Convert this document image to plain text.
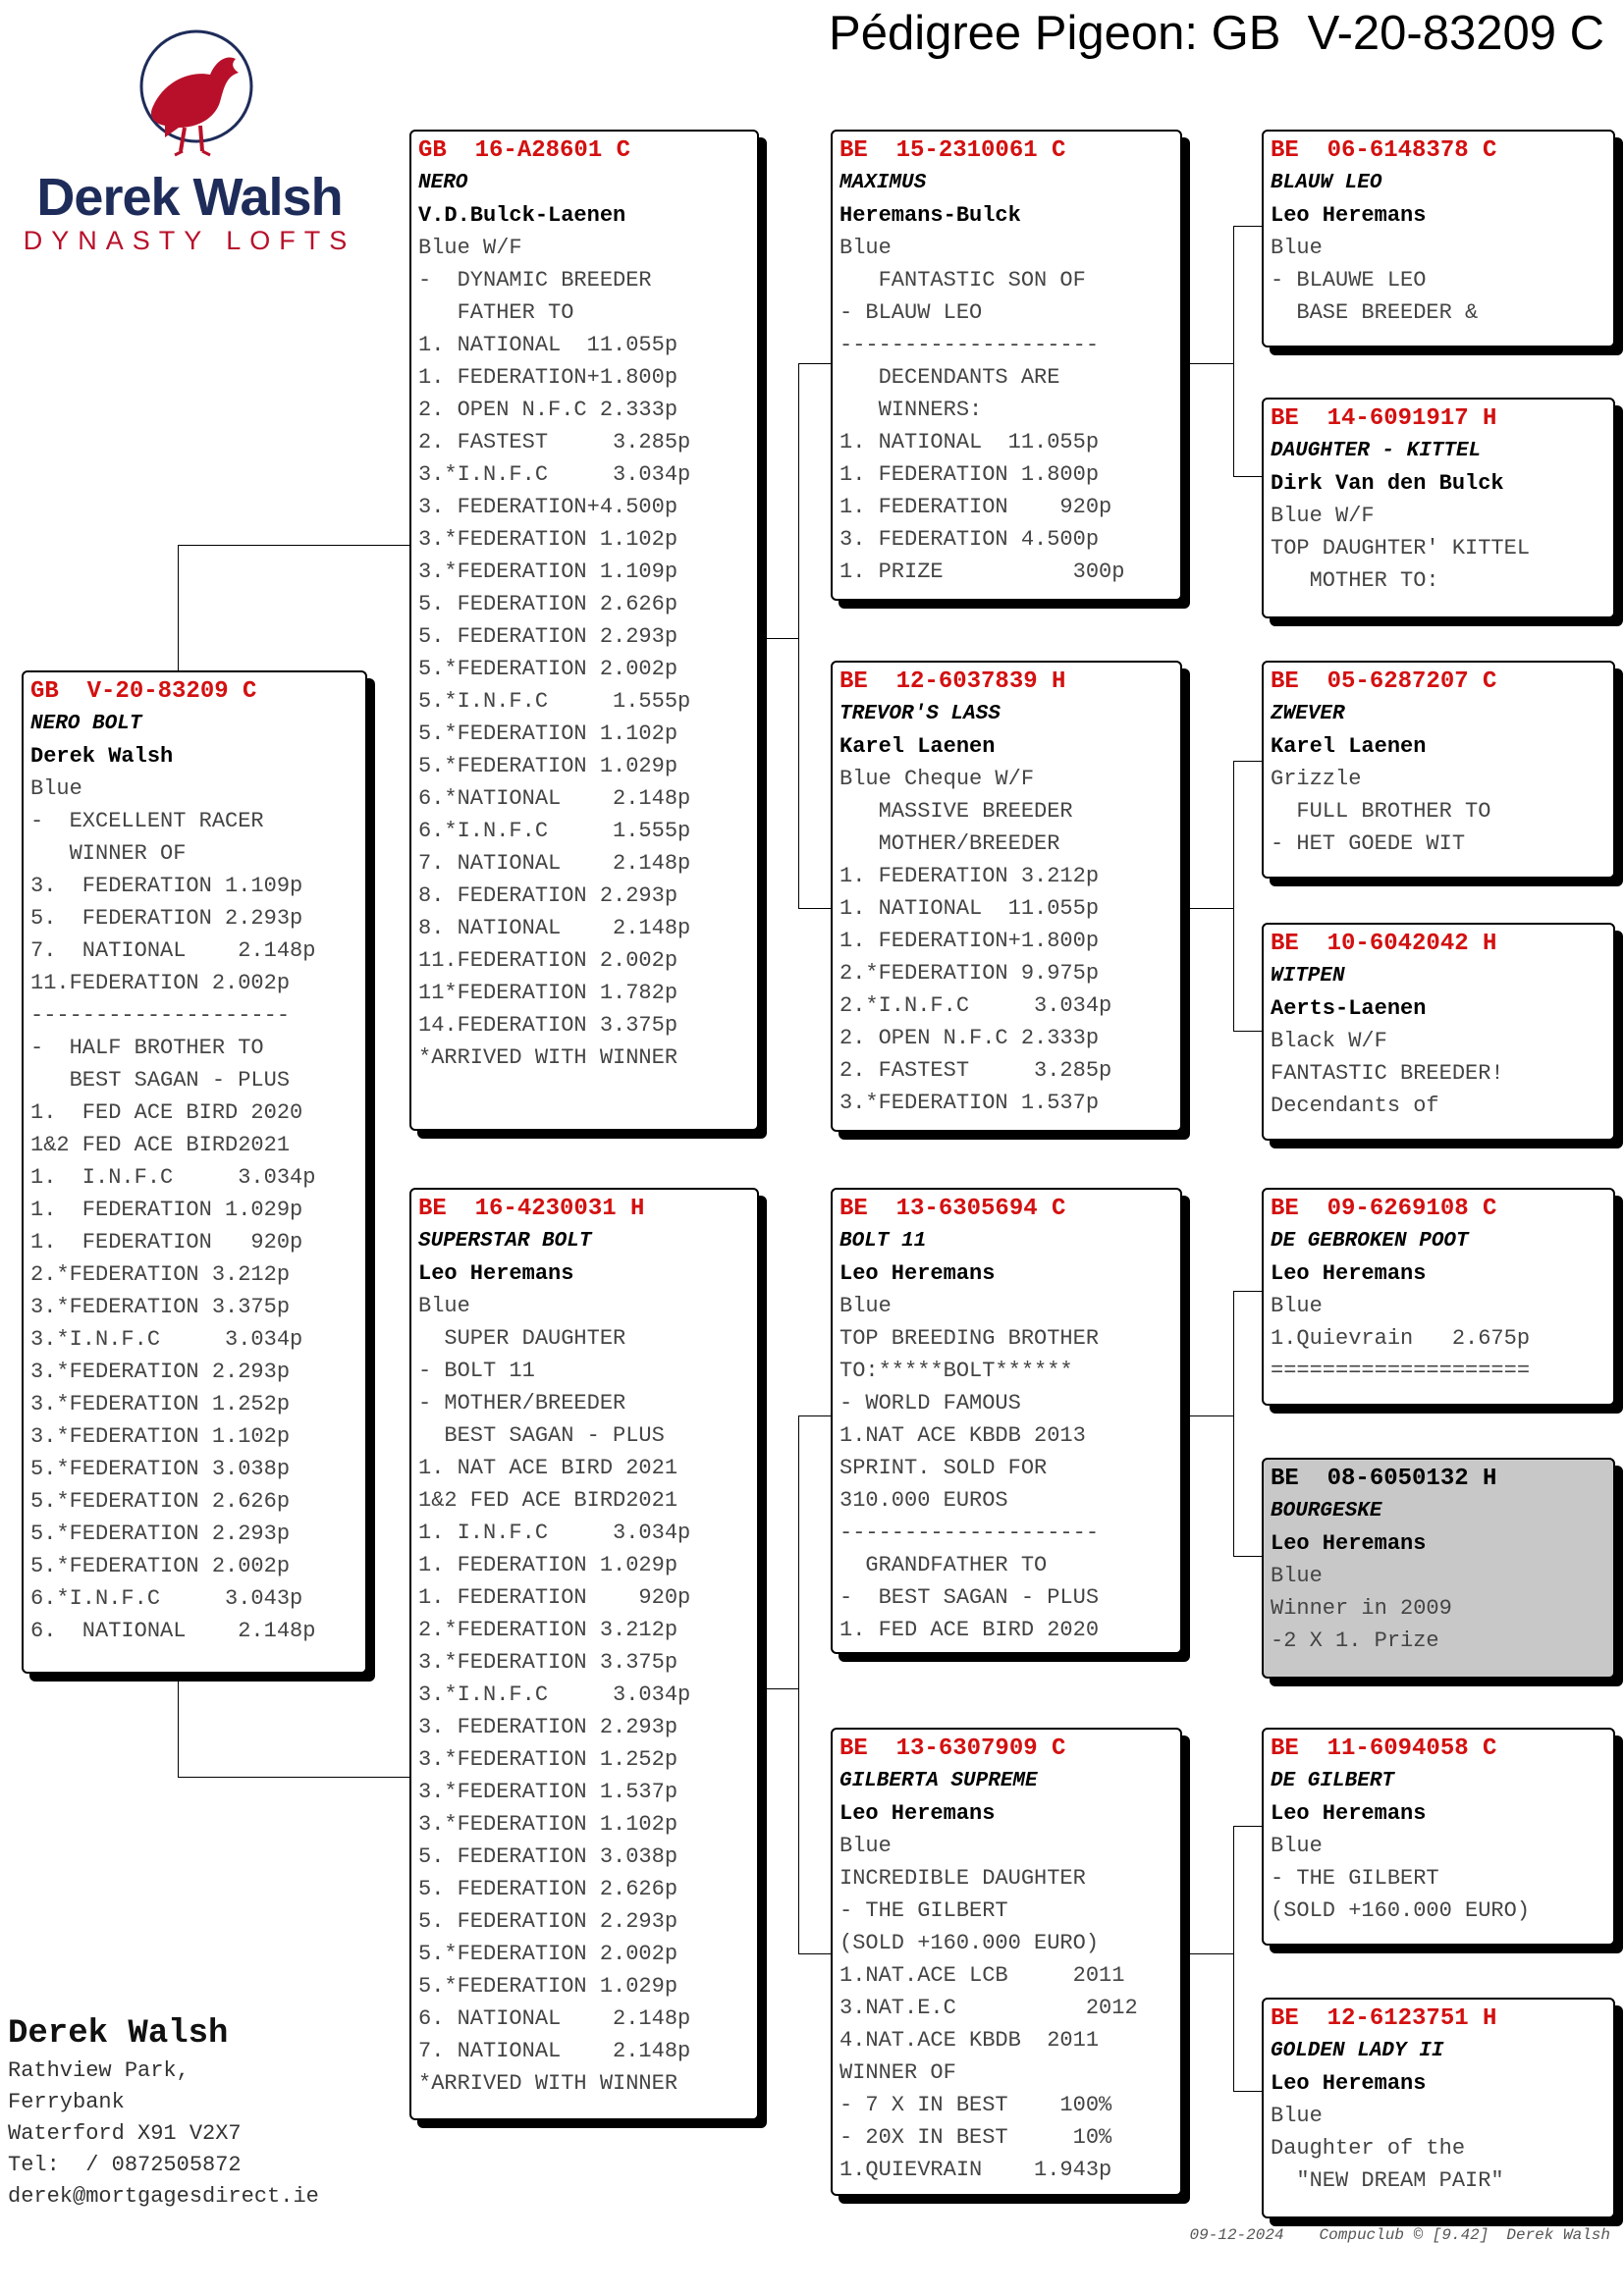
Pédigree Pigeon: GB  V-20-83209 C
Derek Walsh
DYNASTY LOFTS
GB  V-20-83209 C
NERO BOLT
Derek Walsh
Blue
-  EXCELLENT RACER
WINNER OF
3.  FEDERATION 1.109p
5.  FEDERATION 2.293p
7.  NATIONAL    2.148p
11.FEDERATION 2.002p
--------------------
-  HALF BROTHER TO
BEST SAGAN - PLUS
1.  FED ACE BIRD 2020
1&2 FED ACE BIRD2021
1.  I.N.F.C     3.034p
1.  FEDERATION 1.029p
1.  FEDERATION   920p
2.*FEDERATION 3.212p
3.*FEDERATION 3.375p
3.*I.N.F.C     3.034p
3.*FEDERATION 2.293p
3.*FEDERATION 1.252p
3.*FEDERATION 1.102p
5.*FEDERATION 3.038p
5.*FEDERATION 2.626p
5.*FEDERATION 2.293p
5.*FEDERATION 2.002p
6.*I.N.F.C     3.043p
6.  NATIONAL    2.148p
GB  16-A28601 C
NERO
V.D.Bulck-Laenen
Blue W/F
-  DYNAMIC BREEDER
FATHER TO
1. NATIONAL  11.055p
1. FEDERATION+1.800p
2. OPEN N.F.C 2.333p
2. FASTEST     3.285p
3.*I.N.F.C     3.034p
3. FEDERATION+4.500p
3.*FEDERATION 1.102p
3.*FEDERATION 1.109p
5. FEDERATION 2.626p
5. FEDERATION 2.293p
5.*FEDERATION 2.002p
5.*I.N.F.C     1.555p
5.*FEDERATION 1.102p
5.*FEDERATION 1.029p
6.*NATIONAL    2.148p
6.*I.N.F.C     1.555p
7. NATIONAL    2.148p
8. FEDERATION 2.293p
8. NATIONAL    2.148p
11.FEDERATION 2.002p
11*FEDERATION 1.782p
14.FEDERATION 3.375p
*ARRIVED WITH WINNER
BE  16-4230031 H
SUPERSTAR BOLT
Leo Heremans
Blue
SUPER DAUGHTER
- BOLT 11
- MOTHER/BREEDER
BEST SAGAN - PLUS
1. NAT ACE BIRD 2021
1&2 FED ACE BIRD2021
1. I.N.F.C     3.034p
1. FEDERATION 1.029p
1. FEDERATION    920p
2.*FEDERATION 3.212p
3.*FEDERATION 3.375p
3.*I.N.F.C     3.034p
3. FEDERATION 2.293p
3.*FEDERATION 1.252p
3.*FEDERATION 1.537p
3.*FEDERATION 1.102p
5. FEDERATION 3.038p
5. FEDERATION 2.626p
5. FEDERATION 2.293p
5.*FEDERATION 2.002p
5.*FEDERATION 1.029p
6. NATIONAL    2.148p
7. NATIONAL    2.148p
*ARRIVED WITH WINNER
BE  15-2310061 C
MAXIMUS
Heremans-Bulck
Blue
FANTASTIC SON OF
- BLAUW LEO
--------------------
DECENDANTS ARE
WINNERS:
1. NATIONAL  11.055p
1. FEDERATION 1.800p
1. FEDERATION    920p
3. FEDERATION 4.500p
1. PRIZE          300p
BE  12-6037839 H
TREVOR'S LASS
Karel Laenen
Blue Cheque W/F
MASSIVE BREEDER
MOTHER/BREEDER
1. FEDERATION 3.212p
1. NATIONAL  11.055p
1. FEDERATION+1.800p
2.*FEDERATION 9.975p
2.*I.N.F.C     3.034p
2. OPEN N.F.C 2.333p
2. FASTEST     3.285p
3.*FEDERATION 1.537p
BE  13-6305694 C
BOLT 11
Leo Heremans
Blue
TOP BREEDING BROTHER
TO:*****BOLT******
- WORLD FAMOUS
1.NAT ACE KBDB 2013
SPRINT. SOLD FOR
310.000 EUROS
--------------------
GRANDFATHER TO
-  BEST SAGAN - PLUS
1. FED ACE BIRD 2020
BE  13-6307909 C
GILBERTA SUPREME
Leo Heremans
Blue
INCREDIBLE DAUGHTER
- THE GILBERT
(SOLD +160.000 EURO)
1.NAT.ACE LCB     2011
3.NAT.E.C          2012
4.NAT.ACE KBDB  2011
WINNER OF
- 7 X IN BEST    100%
- 20X IN BEST     10%
1.QUIEVRAIN    1.943p
BE  06-6148378 C
BLAUW LEO
Leo Heremans
Blue
- BLAUWE LEO
BASE BREEDER &
BE  14-6091917 H
DAUGHTER - KITTEL
Dirk Van den Bulck
Blue W/F
TOP DAUGHTER' KITTEL
MOTHER TO:
BE  05-6287207 C
ZWEVER
Karel Laenen
Grizzle
FULL BROTHER TO
- HET GOEDE WIT
BE  10-6042042 H
WITPEN
Aerts-Laenen
Black W/F
FANTASTIC BREEDER!
Decendants of
BE  09-6269108 C
DE GEBROKEN POOT
Leo Heremans
Blue
1.Quievrain   2.675p
====================
BE  08-6050132 H
BOURGESKE
Leo Heremans
Blue
Winner in 2009
-2 X 1. Prize
BE  11-6094058 C
DE GILBERT
Leo Heremans
Blue
- THE GILBERT
(SOLD +160.000 EURO)
BE  12-6123751 H
GOLDEN LADY II
Leo Heremans
Blue
Daughter of the
"NEW DREAM PAIR"
Derek Walsh
Rathview Park,
Ferrybank
Waterford X91 V2X7
Tel:  / 0872505872
derek@mortgagesdirect.ie
09-12-2024 Compuclub © [9.42] Derek Walsh
